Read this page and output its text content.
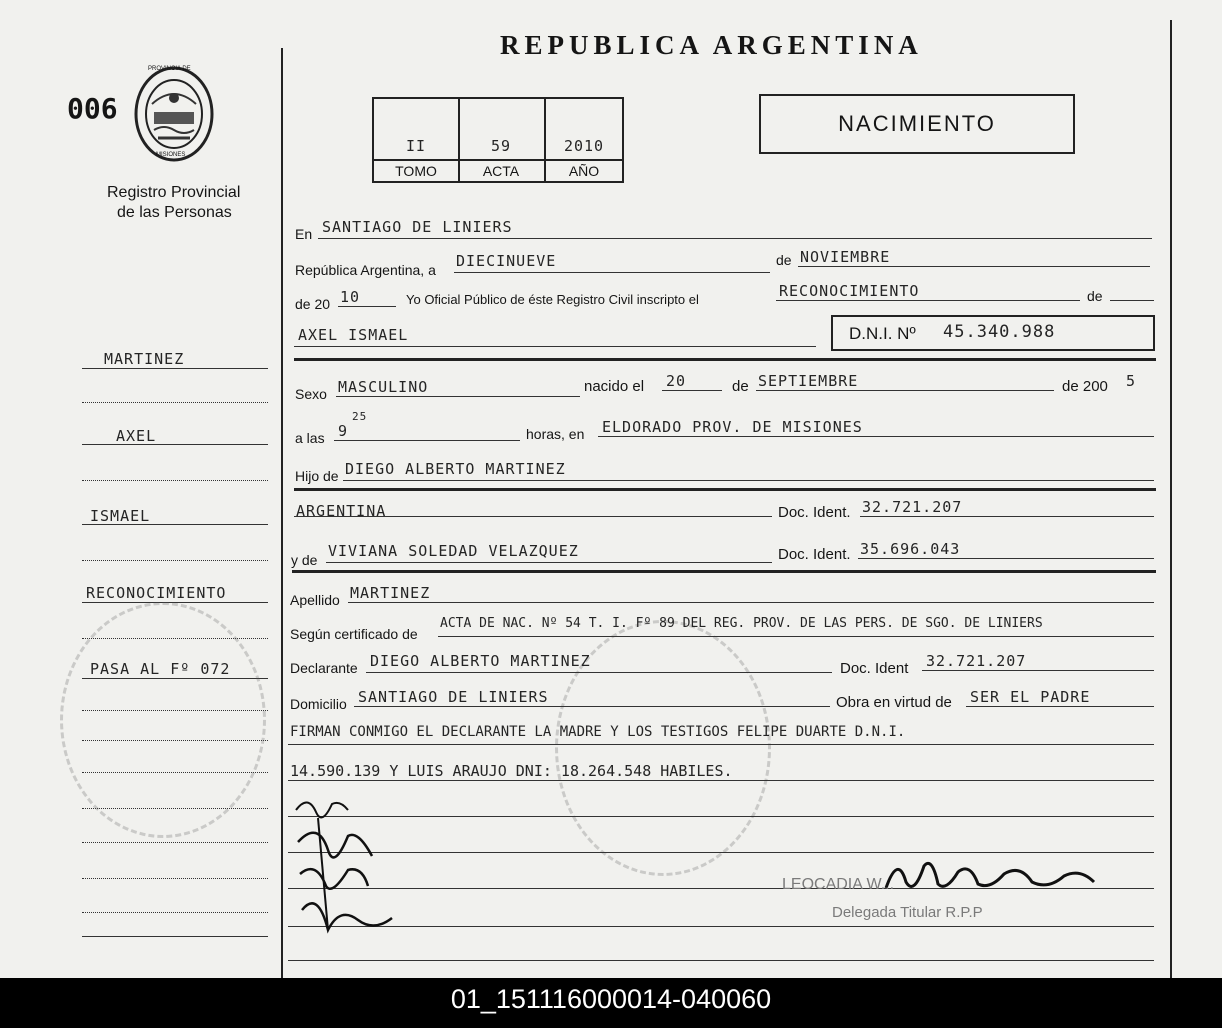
REPUBLICA ARGENTINA
006
PROVINCIA DE
MISIONES
Registro Provincial
de las Personas
II	59	2010
TOMO	ACTA	AÑO
NACIMIENTO
MARTINEZ
AXEL
ISMAEL
RECONOCIMIENTO
PASA AL Fº 072
En SANTIAGO DE LINIERS
República Argentina, a DIECINUEVE	de NOVIEMBRE
de 20 10	Yo Oficial Público de éste Registro Civil inscripto el	RECONOCIMIENTO	de
AXEL ISMAEL	D.N.I. Nº 45.340.988
Sexo MASCULINO	nacido el 20	de SEPTIEMBRE	de 200 5
a las 9
25
horas, en ELDORADO PROV. DE MISIONES
Hijo de DIEGO ALBERTO MARTINEZ
ARGENTINA	Doc. Ident. 32.721.207
y de VIVIANA SOLEDAD VELAZQUEZ	Doc. Ident. 35.696.043
Apellido MARTINEZ
Según certificado de
ACTA DE NAC. Nº 54 T. I. Fº 89 DEL REG. PROV. DE LAS PERS. DE SGO. DE LINIERS
Declarante DIEGO ALBERTO MARTINEZ	Doc. Ident 32.721.207
Domicilio SANTIAGO DE LINIERS	Obra en virtud de SER EL PADRE
FIRMAN CONMIGO EL DECLARANTE LA MADRE Y LOS TESTIGOS FELIPE DUARTE D.N.I.
14.590.139 Y LUIS ARAUJO DNI: 18.264.548 HABILES.
LEOCADIA W...
Delegada Titular R.P.P
01_151116000014-040060
